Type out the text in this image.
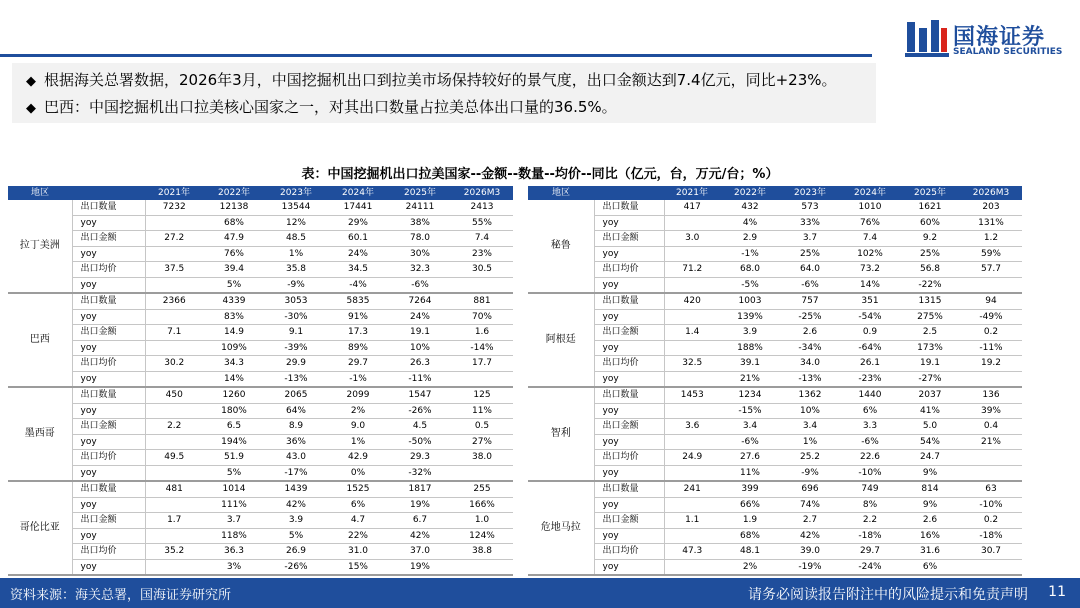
国海证券
SEALAND SECURITIES
◆ 根据海关总署数据，2026年3月，中国挖掘机出口到拉美市场保持较好的景气度，出口金额达到7.4亿元，同比+23%。
◆ 巴西：中国挖掘机出口拉美核心国家之一，对其出口数量占拉美总体出口量的36.5%。
表：中国挖掘机出口拉美国家--金额--数量--均价--同比（亿元，台，万元/台；%）
地区		2021年	2022年	2023年	2024年	2025年	2026M3
拉丁美洲	出口数量	7232	12138	13544	17441	24111	2413
	yoy		68%	12%	29%	38%	55%
	出口金额	27.2	47.9	48.5	60.1	78.0	7.4
	yoy		76%	1%	24%	30%	23%
	出口均价	37.5	39.4	35.8	34.5	32.3	30.5
	yoy		5%	-9%	-4%	-6%	
巴西	出口数量	2366	4339	3053	5835	7264	881
	yoy		83%	-30%	91%	24%	70%
	出口金额	7.1	14.9	9.1	17.3	19.1	1.6
	yoy		109%	-39%	89%	10%	-14%
	出口均价	30.2	34.3	29.9	29.7	26.3	17.7
	yoy		14%	-13%	-1%	-11%	
墨西哥	出口数量	450	1260	2065	2099	1547	125
	yoy		180%	64%	2%	-26%	11%
	出口金额	2.2	6.5	8.9	9.0	4.5	0.5
	yoy		194%	36%	1%	-50%	27%
	出口均价	49.5	51.9	43.0	42.9	29.3	38.0
	yoy		5%	-17%	0%	-32%	
哥伦比亚	出口数量	481	1014	1439	1525	1817	255
	yoy		111%	42%	6%	19%	166%
	出口金额	1.7	3.7	3.9	4.7	6.7	1.0
	yoy		118%	5%	22%	42%	124%
	出口均价	35.2	36.3	26.9	31.0	37.0	38.8
	yoy		3%	-26%	15%	19%	
地区		2021年	2022年	2023年	2024年	2025年	2026M3
秘鲁	出口数量	417	432	573	1010	1621	203
	yoy		4%	33%	76%	60%	131%
	出口金额	3.0	2.9	3.7	7.4	9.2	1.2
	yoy		-1%	25%	102%	25%	59%
	出口均价	71.2	68.0	64.0	73.2	56.8	57.7
	yoy		-5%	-6%	14%	-22%	
阿根廷	出口数量	420	1003	757	351	1315	94
	yoy		139%	-25%	-54%	275%	-49%
	出口金额	1.4	3.9	2.6	0.9	2.5	0.2
	yoy		188%	-34%	-64%	173%	-11%
	出口均价	32.5	39.1	34.0	26.1	19.1	19.2
	yoy		21%	-13%	-23%	-27%	
智利	出口数量	1453	1234	1362	1440	2037	136
	yoy		-15%	10%	6%	41%	39%
	出口金额	3.6	3.4	3.4	3.3	5.0	0.4
	yoy		-6%	1%	-6%	54%	21%
	出口均价	24.9	27.6	25.2	22.6	24.7	
	yoy		11%	-9%	-10%	9%	
危地马拉	出口数量	241	399	696	749	814	63
	yoy		66%	74%	8%	9%	-10%
	出口金额	1.1	1.9	2.7	2.2	2.6	0.2
	yoy		68%	42%	-18%	16%	-18%
	出口均价	47.3	48.1	39.0	29.7	31.6	30.7
	yoy		2%	-19%	-24%	6%	
资料来源：海关总署，国海证券研究所	请务必阅读报告附注中的风险提示和免责声明 11
